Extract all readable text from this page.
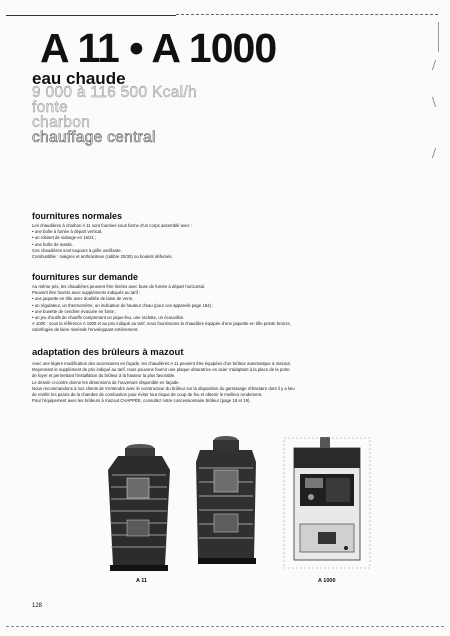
A 11 • A 1000
eau chaude
9 000 à 116 500 Kcal/h
fonte
charbon
chauffage central
/
\
/
fournitures normales
Les chaudières à charbon A 11 sont fournies sous forme d'un corps assemblé avec :
• une boîte à fumée à départ vertical,
• un robinet de vidange en 15/21 ;
• une boîte de mastic.
Ces chaudières sont toujours à grille oscillante.
Combustible : maigres et anthraciteux (calibre 20/30) ou boulets défumés.
fournitures sur demande
Au même prix, les chaudières peuvent être livrées avec buse de fumée à départ horizontal.
Peuvent être fournis avec suppléments indiqués au tarif :
• une jaquette en tôle avec doublée de laine de verre,
• un régulateur, un thermomètre, un indicateur de hauteur d'eau (pour ces appareils page 184) ;
• une buvette de cendrier évacuée en fonte ;
• un jeu d'outils de chauffe comprenant un pique-feu, une raclette, un écouvillon.
A 1000 : sous la référence A 1000 et au prix indiqué au tarif, nous fournissons la chaudière équipée d'une jaquette en tôle peinte bronze,
calorifugée de laine minérale l'enveloppant entièrement.
adaptation des brûleurs à mazout
Avec une légère modification des accessoires en façade, les chaudières A 11 peuvent être équipées d'un brûleur automatique à mazout.
Moyennant le supplément de prix indiqué au tarif, nous pouvons fournir une plaque obturatrice en acier s'adaptant à la place de la porte
de foyer et permettant l'installation du brûleur à la hauteur la plus favorable.
Le dessin ci-contre donne les dimensions de l'ouverture disponible en façade.
Nous recommandons à nos clients de s'entendre avec le constructeur du brûleur sur la disposition du garnissage réfractaire dont il y a lieu
de revêtir les parois de la chambre de combustion pour éviter tout risque de coup de feu et obtenir le meilleur rendement.
Pour l'équipement avec les brûleurs à mazout CHAPPÉE, consultez notre concessionnaire brûleur (page 18 et 19).
A 11	A 1000
128
